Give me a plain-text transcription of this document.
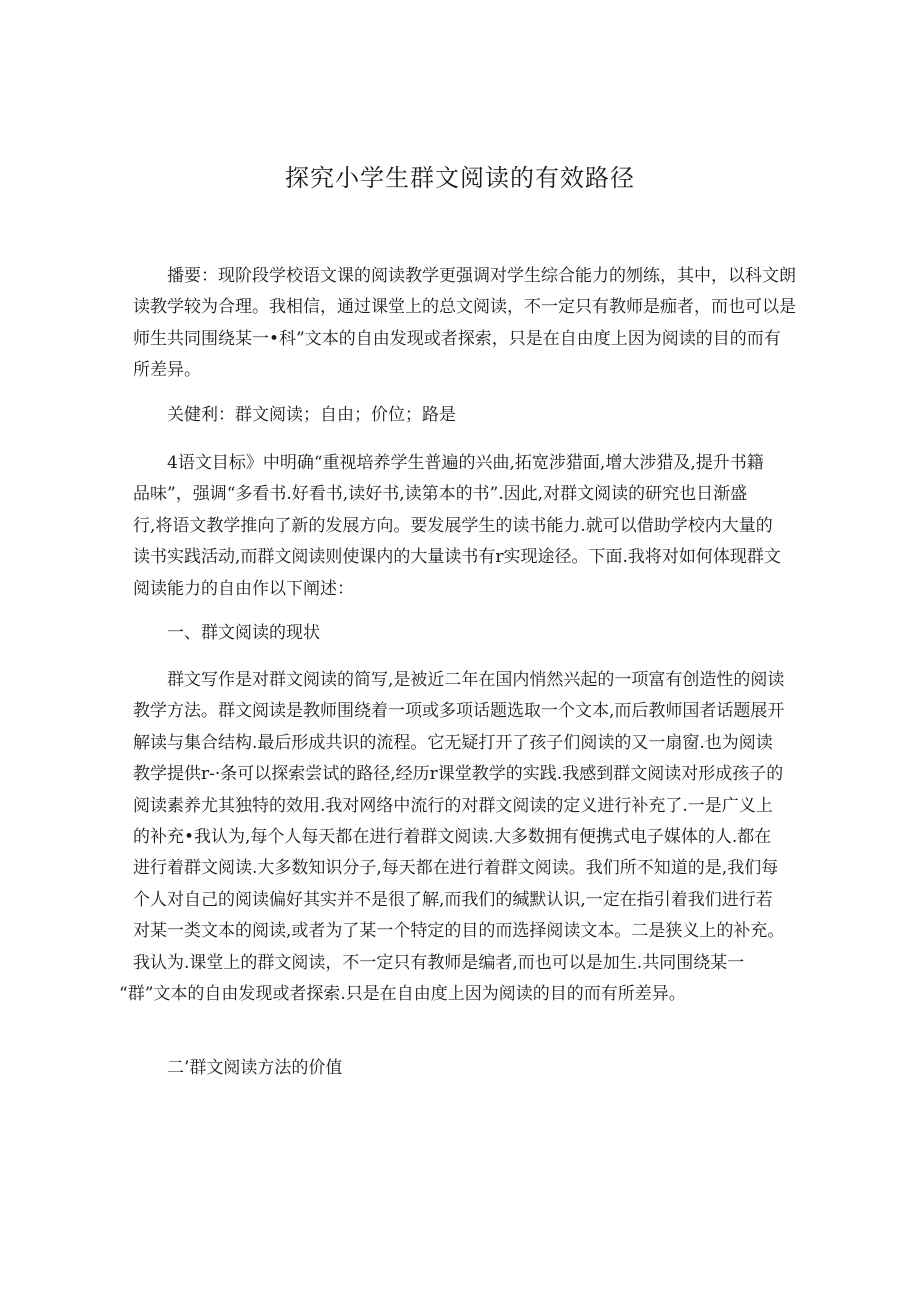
探究小学生群文阅读的有效路径

播要：现阶段学校语文课的阅读教学更强调对学生综合能力的刎练，其中，以科文朗
读教学较为合理。我相信，通过课堂上的总文阅读，不一定只有教师是痂者，而也可以是
师生共同围绕某一•科”文本的自由发现或者探索，只是在自由度上因为阅读的目的而有
所差异。

关健利：群文阅读；自由；价位；路是

4语文目标》中明确“重视培养学生普遍的兴曲,拓宽涉猎面,增大涉猎及,提升书籍
品味”，强调“多看书.好看书,读好书,读第本的书”.因此,对群文阅读的研究也日渐盛
行,将语文教学推向了新的发展方向。要发展学生的读书能力.就可以借助学校内大量的
读书实践活动,而群文阅读则使课内的大量读书有r实现途径。下面.我将对如何体现群文
阅读能力的自由作以下阐述：

一、群文阅读的现状

群文写作是对群文阅读的简写,是被近二年在国内悄然兴起的一项富有创造性的阅读
教学方法。群文阅读是教师围绕着一项或多项话题选取一个文本,而后教师国者话题展开
解读与集合结构.最后形成共识的流程。它无疑打开了孩子们阅读的又一扇窗.也为阅读
教学提供r-·条可以探索尝试的路径,经历r课堂教学的实践.我感到群文阅读对形成孩子的
阅读素养尤其独特的效用.我对网络中流行的对群文阅读的定义进行补充了.一是广义上
的补充•我认为,每个人每天都在进行着群文阅读.大多数拥有便携式电子媒体的人.都在
进行着群文阅读.大多数知识分子,每天都在进行着群文阅读。我们所不知道的是,我们每
个人对自己的阅读偏好其实并不是很了解,而我们的缄默认识,一定在指引着我们进行若
对某一类文本的阅读,或者为了某一个特定的目的而选择阅读文本。二是狭义上的补充。
我认为.课堂上的群文阅读，不一定只有教师是编者,而也可以是加生.共同围绕某一
“群”文本的自由发现或者探索.只是在自由度上因为阅读的目的而有所差异。

二’群文阅读方法的价值
